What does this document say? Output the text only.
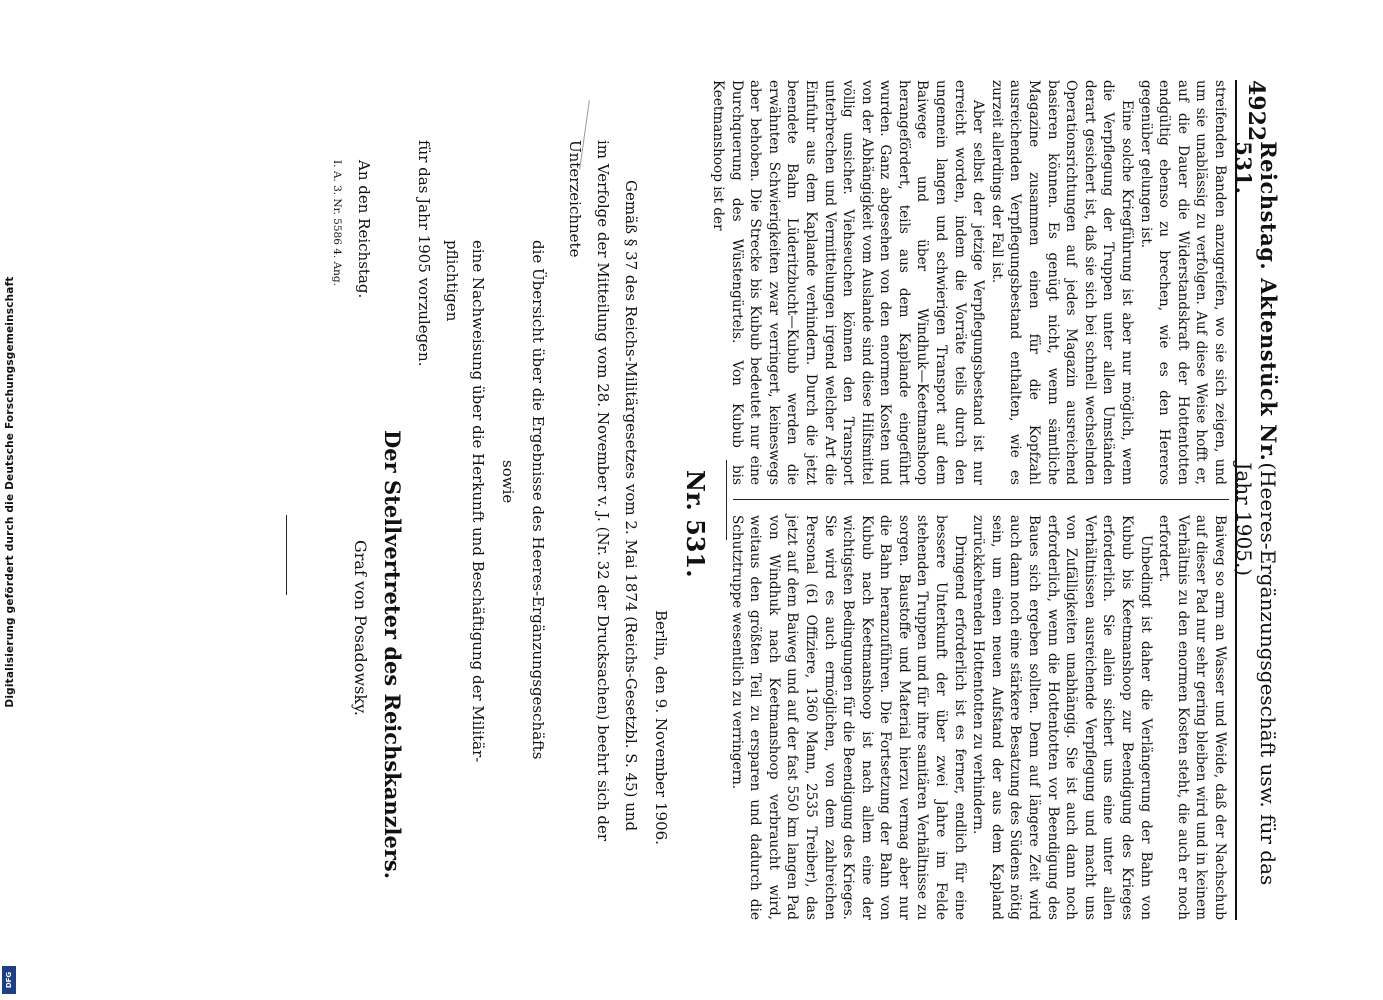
Digitalisierung gefördert durch die Deutsche Forschungsgemeinschaft
DFG
4922
Reichstag. Aktenstück Nr. 531.
(Heeres-Ergänzungsgeschäft usw. für das Jahr 1905.)

streifenden Banden anzugreifen, wo sie sich zeigen, und um sie unablässig zu verfolgen. Auf diese Weise hofft er, auf die Dauer die Widerstandskraft der Hottentotten endgültig ebenso zu brechen, wie es den Hereros gegenüber gelungen ist.

Eine solche Kriegführung ist aber nur möglich, wenn die Verpflegung der Truppen unter allen Umständen derart gesichert ist, daß sie sich bei schnell wechselnden Operationsrichtungen auf jedes Magazin ausreichend basieren können. Es genügt nicht, wenn sämtliche Magazine zusammen einen für die Kopfzahl ausreichenden Verpflegungsbestand enthalten, wie es zurzeit allerdings der Fall ist.

Aber selbst der jetzige Verpflegungsbestand ist nur erreicht worden, indem die Vorräte teils durch den ungemein langen und schwierigen Transport auf dem Baiwege und über Windhuk—Keetmanshoop herangefördert, teils aus dem Kaplande eingeführt wurden. Ganz abgesehen von den enormen Kosten und von der Abhängigkeit vom Auslande sind diese Hilfsmittel völlig unsicher. Viehseuchen können den Transport unterbrechen und Vermittelungen irgend welcher Art die Einfuhr aus dem Kaplande verhindern. Durch die jetzt beendete Bahn Lüderitzbucht—Kubub werden die erwähnten Schwierigkeiten zwar verringert, keineswegs aber behoben. Die Strecke bis Kubub bedeutet nur eine Durchquerung des Wüstengürtels. Von Kubub bis Keetmanshoop ist der

Baiweg so arm an Wasser und Weide, daß der Nachschub auf dieser Pad nur sehr gering bleiben wird und in keinem Verhältnis zu den enormen Kosten steht, die auch er noch erfordert.

Unbedingt ist daher die Verlängerung der Bahn von Kubub bis Keetmanshoop zur Beendigung des Krieges erforderlich. Sie allein sichert uns eine unter allen Verhältnissen ausreichende Verpflegung und macht uns von Zufälligkeiten unabhängig. Sie ist auch dann noch erforderlich, wenn die Hottentotten vor Beendigung des Baues sich ergeben sollten. Denn auf längere Zeit wird auch dann noch eine stärkere Besatzung des Südens nötig sein, um einen neuen Aufstand der aus dem Kapland zurückkehrenden Hottentotten zu verhindern.

Dringend erforderlich ist es ferner, endlich für eine bessere Unterkunft der über zwei Jahre im Felde stehenden Truppen und für ihre sanitären Verhältnisse zu sorgen. Baustoffe und Material hierzu vermag aber nur die Bahn heranzuführen. Die Fortsetzung der Bahn von Kubub nach Keetmanshoop ist nach allem eine der wichtigsten Bedingungen für die Beendigung des Krieges. Sie wird es auch ermöglichen, von dem zahlreichen Personal (61 Offiziere, 1360 Mann, 2535 Treiber), das jetzt auf dem Baiweg und auf der fast 550 km langen Pad von Windhuk nach Keetmanshoop verbraucht wird, weitaus den größten Teil zu ersparen und dadurch die Schutztruppe wesentlich zu verringern.

Nr. 531.
Berlin, den 9. November 1906.
Gemäß § 37 des Reichs-Militärgesetzes vom 2. Mai 1874 (Reichs-Gesetzbl. S. 45) und
im Verfolge der Mitteilung vom 28. November v. J. (Nr. 32 der Drucksachen) beehrt sich der
Unterzeichnete
die Übersicht über die Ergebnisse des Heeres-Ergänzungsgeschäfts
sowie
eine Nachweisung über die Herkunft und Beschäftigung der Militär-
pflichtigen
für das Jahr 1905 vorzulegen.
Der Stellvertreter des Reichskanzlers.
Graf von Posadowsky.
An den Reichstag.
I. A. 3. Nr. 5586 4. Ang.
